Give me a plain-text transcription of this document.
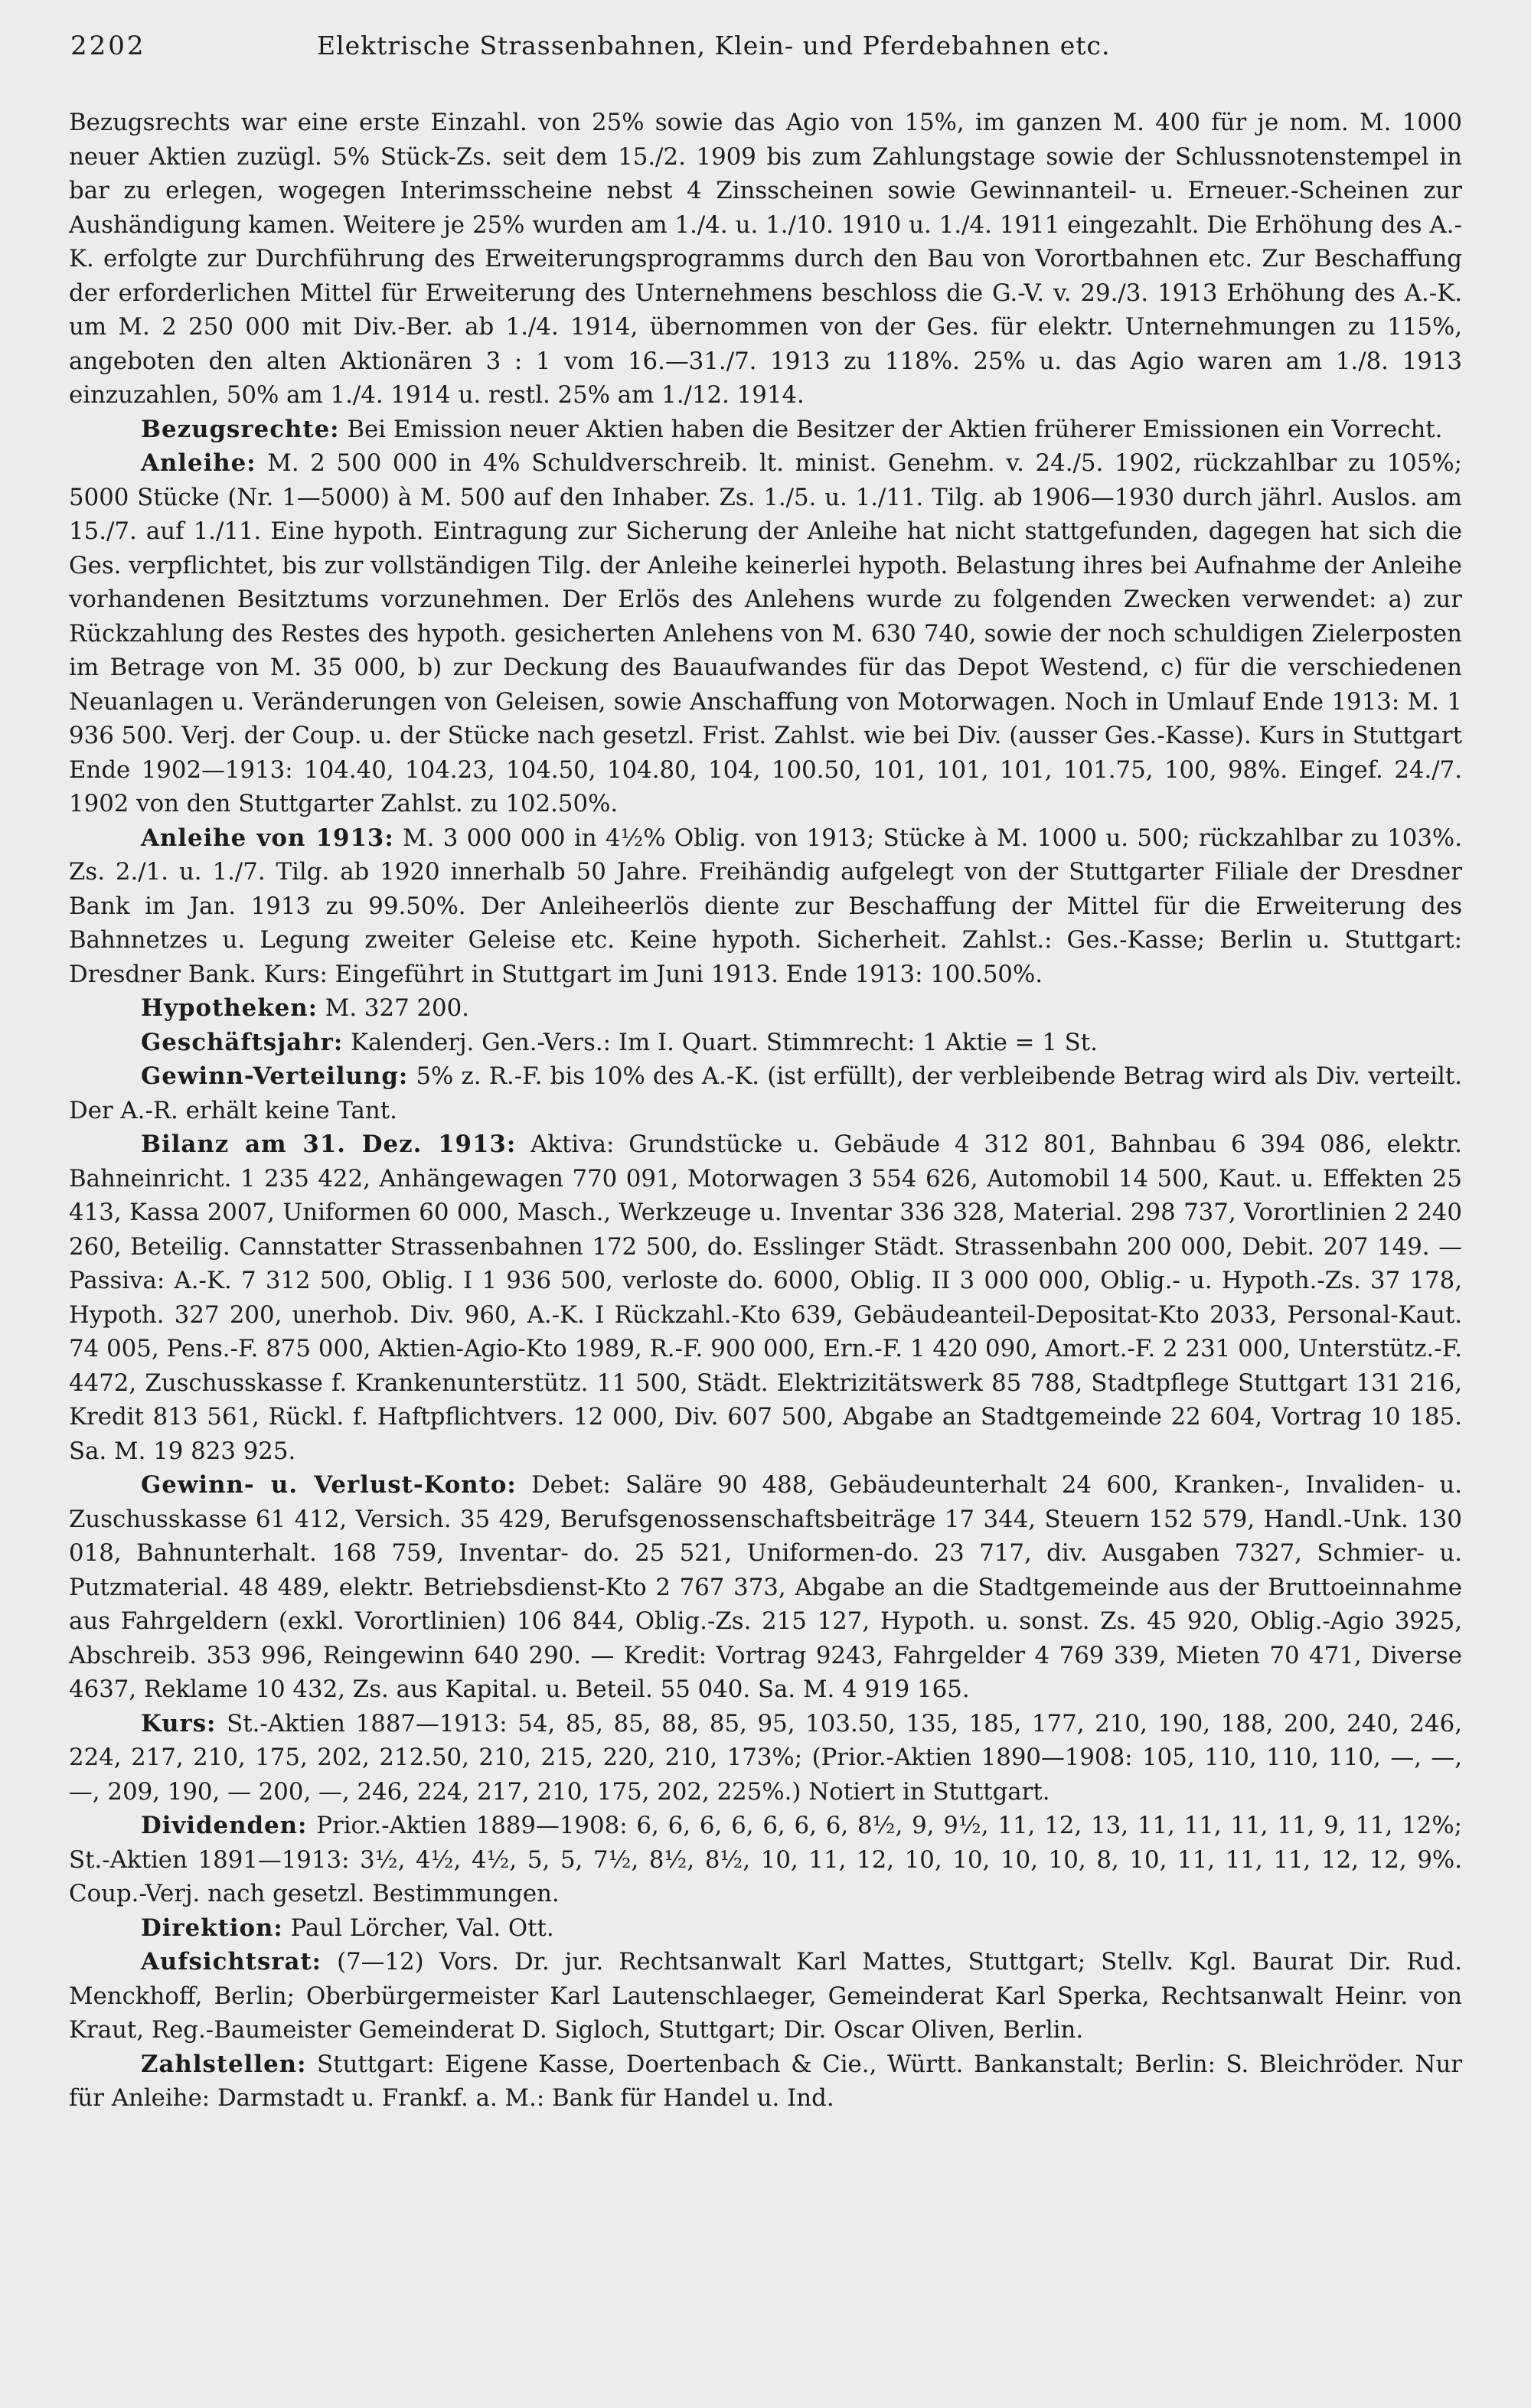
2202	Elektrische Strassenbahnen, Klein- und Pferdebahnen etc.

Bezugsrechts war eine erste Einzahl. von 25% sowie das Agio von 15%, im ganzen M. 400 für je nom. M. 1000 neuer Aktien zuzügl. 5% Stück-Zs. seit dem 15./2. 1909 bis zum Zahlungstage sowie der Schlussnotenstempel in bar zu erlegen, wogegen Interimsscheine nebst 4 Zinsscheinen sowie Gewinnanteil- u. Erneuer.-Scheinen zur Aushändigung kamen. Weitere je 25% wurden am 1./4. u. 1./10. 1910 u. 1./4. 1911 eingezahlt. Die Erhöhung des A.-K. erfolgte zur Durchführung des Erweiterungsprogramms durch den Bau von Vorortbahnen etc. Zur Beschaffung der erforderlichen Mittel für Erweiterung des Unternehmens beschloss die G.-V. v. 29./3. 1913 Erhöhung des A.-K. um M. 2 250 000 mit Div.-Ber. ab 1./4. 1914, übernommen von der Ges. für elektr. Unternehmungen zu 115%, angeboten den alten Aktionären 3 : 1 vom 16.—31./7. 1913 zu 118%. 25% u. das Agio waren am 1./8. 1913 einzuzahlen, 50% am 1./4. 1914 u. restl. 25% am 1./12. 1914.

Bezugsrechte: Bei Emission neuer Aktien haben die Besitzer der Aktien früherer Emissionen ein Vorrecht.

Anleihe: M. 2 500 000 in 4% Schuldverschreib. lt. minist. Genehm. v. 24./5. 1902, rückzahlbar zu 105%; 5000 Stücke (Nr. 1—5000) à M. 500 auf den Inhaber. Zs. 1./5. u. 1./11. Tilg. ab 1906—1930 durch jährl. Auslos. am 15./7. auf 1./11. Eine hypoth. Eintragung zur Sicherung der Anleihe hat nicht stattgefunden, dagegen hat sich die Ges. verpflichtet, bis zur vollständigen Tilg. der Anleihe keinerlei hypoth. Belastung ihres bei Aufnahme der Anleihe vorhandenen Besitztums vorzunehmen. Der Erlös des Anlehens wurde zu folgenden Zwecken verwendet: a) zur Rückzahlung des Restes des hypoth. gesicherten Anlehens von M. 630 740, sowie der noch schuldigen Zielerposten im Betrage von M. 35 000, b) zur Deckung des Bauaufwandes für das Depot Westend, c) für die verschiedenen Neuanlagen u. Veränderungen von Geleisen, sowie Anschaffung von Motorwagen. Noch in Umlauf Ende 1913: M. 1 936 500. Verj. der Coup. u. der Stücke nach gesetzl. Frist. Zahlst. wie bei Div. (ausser Ges.-Kasse). Kurs in Stuttgart Ende 1902—1913: 104.40, 104.23, 104.50, 104.80, 104, 100.50, 101, 101, 101, 101.75, 100, 98%. Eingef. 24./7. 1902 von den Stuttgarter Zahlst. zu 102.50%.

Anleihe von 1913: M. 3 000 000 in 4½% Oblig. von 1913; Stücke à M. 1000 u. 500; rückzahlbar zu 103%. Zs. 2./1. u. 1./7. Tilg. ab 1920 innerhalb 50 Jahre. Freihändig aufgelegt von der Stuttgarter Filiale der Dresdner Bank im Jan. 1913 zu 99.50%. Der Anleiheerlös diente zur Beschaffung der Mittel für die Erweiterung des Bahnnetzes u. Legung zweiter Geleise etc. Keine hypoth. Sicherheit. Zahlst.: Ges.-Kasse; Berlin u. Stuttgart: Dresdner Bank. Kurs: Eingeführt in Stuttgart im Juni 1913. Ende 1913: 100.50%.

Hypotheken: M. 327 200.

Geschäftsjahr: Kalenderj. Gen.-Vers.: Im I. Quart. Stimmrecht: 1 Aktie = 1 St.

Gewinn-Verteilung: 5% z. R.-F. bis 10% des A.-K. (ist erfüllt), der verbleibende Betrag wird als Div. verteilt. Der A.-R. erhält keine Tant.

Bilanz am 31. Dez. 1913: Aktiva: Grundstücke u. Gebäude 4 312 801, Bahnbau 6 394 086, elektr. Bahneinricht. 1 235 422, Anhängewagen 770 091, Motorwagen 3 554 626, Automobil 14 500, Kaut. u. Effekten 25 413, Kassa 2007, Uniformen 60 000, Masch., Werkzeuge u. Inventar 336 328, Material. 298 737, Vorortlinien 2 240 260, Beteilig. Cannstatter Strassenbahnen 172 500, do. Esslinger Städt. Strassenbahn 200 000, Debit. 207 149. — Passiva: A.-K. 7 312 500, Oblig. I 1 936 500, verloste do. 6000, Oblig. II 3 000 000, Oblig.- u. Hypoth.-Zs. 37 178, Hypoth. 327 200, unerhob. Div. 960, A.-K. I Rückzahl.-Kto 639, Gebäudeanteil-Depositat-Kto 2033, Personal-Kaut. 74 005, Pens.-F. 875 000, Aktien-Agio-Kto 1989, R.-F. 900 000, Ern.-F. 1 420 090, Amort.-F. 2 231 000, Unterstütz.-F. 4472, Zuschusskasse f. Krankenunterstütz. 11 500, Städt. Elektrizitätswerk 85 788, Stadtpflege Stuttgart 131 216, Kredit 813 561, Rückl. f. Haftpflichtvers. 12 000, Div. 607 500, Abgabe an Stadtgemeinde 22 604, Vortrag 10 185. Sa. M. 19 823 925.

Gewinn- u. Verlust-Konto: Debet: Saläre 90 488, Gebäudeunterhalt 24 600, Kranken-, Invaliden- u. Zuschusskasse 61 412, Versich. 35 429, Berufsgenossenschaftsbeiträge 17 344, Steuern 152 579, Handl.-Unk. 130 018, Bahnunterhalt. 168 759, Inventar- do. 25 521, Uniformen-do. 23 717, div. Ausgaben 7327, Schmier- u. Putzmaterial. 48 489, elektr. Betriebsdienst-Kto 2 767 373, Abgabe an die Stadtgemeinde aus der Bruttoeinnahme aus Fahrgeldern (exkl. Vorortlinien) 106 844, Oblig.-Zs. 215 127, Hypoth. u. sonst. Zs. 45 920, Oblig.-Agio 3925, Abschreib. 353 996, Reingewinn 640 290. — Kredit: Vortrag 9243, Fahrgelder 4 769 339, Mieten 70 471, Diverse 4637, Reklame 10 432, Zs. aus Kapital. u. Beteil. 55 040. Sa. M. 4 919 165.

Kurs: St.-Aktien 1887—1913: 54, 85, 85, 88, 85, 95, 103.50, 135, 185, 177, 210, 190, 188, 200, 240, 246, 224, 217, 210, 175, 202, 212.50, 210, 215, 220, 210, 173%; (Prior.-Aktien 1890—1908: 105, 110, 110, 110, —, —, —, 209, 190, — 200, —, 246, 224, 217, 210, 175, 202, 225%.) Notiert in Stuttgart.

Dividenden: Prior.-Aktien 1889—1908: 6, 6, 6, 6, 6, 6, 6, 8½, 9, 9½, 11, 12, 13, 11, 11, 11, 11, 9, 11, 12%; St.-Aktien 1891—1913: 3½, 4½, 4½, 5, 5, 7½, 8½, 8½, 10, 11, 12, 10, 10, 10, 10, 8, 10, 11, 11, 11, 12, 12, 9%. Coup.-Verj. nach gesetzl. Bestimmungen.

Direktion: Paul Lörcher, Val. Ott.

Aufsichtsrat: (7—12) Vors. Dr. jur. Rechtsanwalt Karl Mattes, Stuttgart; Stellv. Kgl. Baurat Dir. Rud. Menckhoff, Berlin; Oberbürgermeister Karl Lautenschlaeger, Gemeinderat Karl Sperka, Rechtsanwalt Heinr. von Kraut, Reg.-Baumeister Gemeinderat D. Sigloch, Stuttgart; Dir. Oscar Oliven, Berlin.

Zahlstellen: Stuttgart: Eigene Kasse, Doertenbach & Cie., Württ. Bankanstalt; Berlin: S. Bleichröder. Nur für Anleihe: Darmstadt u. Frankf. a. M.: Bank für Handel u. Ind.
